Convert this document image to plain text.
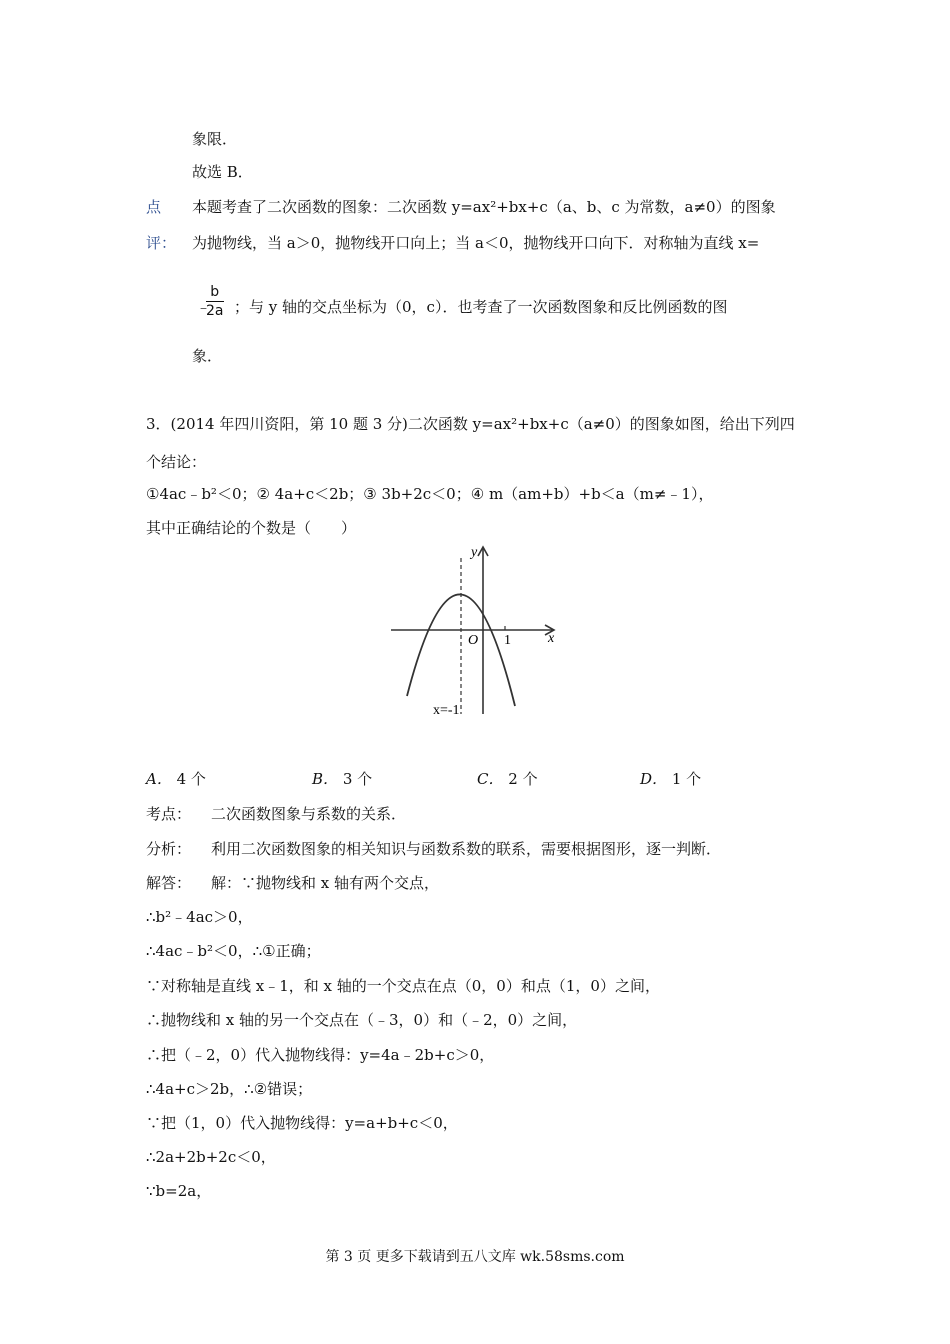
象限．
故选 B．
点
评：
本题考查了二次函数的图象：二次函数 y=ax²+bx+c（a、b、c 为常数，a≠0）的图象
为抛物线，当 a＞0，抛物线开口向上；当 a＜0，抛物线开口向下．对称轴为直线 x=
﹣
$\frac{b}{2a}$ ；与 y 轴的交点坐标为（0，c）．也考查了一次函数图象和反比例函数的图
象．
3．(2014 年四川资阳，第 10 题 3 分)二次函数 y=ax²+bx+c（a≠0）的图象如图，给出下列四
个结论：
①4ac﹣b²＜0；② 4a+c＜2b；③ 3b+2c＜0；④ m（am+b）+b＜a（m≠﹣1），
其中正确结论的个数是（　　）
y
x
O 1
x=-1
A． 4 个	B． 3 个	C． 2 个	D． 1 个
考点： 二次函数图象与系数的关系．
分析： 利用二次函数图象的相关知识与函数系数的联系，需要根据图形，逐一判断．
解答： 解：∵抛物线和 x 轴有两个交点，
∴b²﹣4ac＞0，
∴4ac﹣b²＜0，∴①正确；
∵对称轴是直线 x﹣1，和 x 轴的一个交点在点（0，0）和点（1，0）之间，
∴抛物线和 x 轴的另一个交点在（﹣3，0）和（﹣2，0）之间，
∴把（﹣2，0）代入抛物线得：y=4a﹣2b+c＞0，
∴4a+c＞2b，∴②错误；
∵把（1，0）代入抛物线得：y=a+b+c＜0，
∴2a+2b+2c＜0，
∵b=2a，
第 3 页 更多下载请到五八文库 wk.58sms.com
